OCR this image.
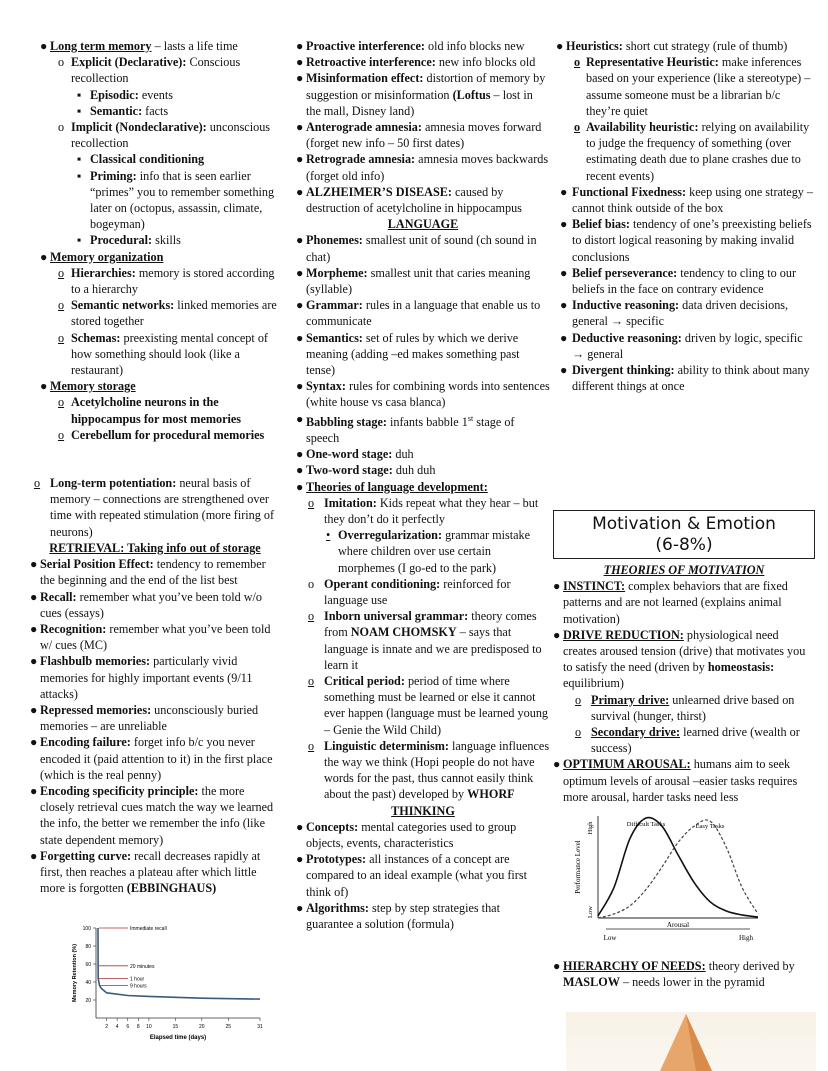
● Long term memory – lasts a life time
o Explicit (Declarative): Conscious recollection
▪ Episodic: events
▪ Semantic: facts
o Implicit (Nondeclarative): unconscious recollection
▪ Classical conditioning
▪ Priming: info that is seen earlier “primes” you to remember something later on (octopus, assassin, climate, bogeyman)
▪ Procedural: skills
● Memory organization
o Hierarchies: memory is stored according to a hierarchy
o Semantic networks: linked memories are stored together
o Schemas: preexisting mental concept of how something should look (like a restaurant)
● Memory storage
o Acetylcholine neurons in the hippocampus for most memories
o Cerebellum for procedural memories
o Long-term potentiation: neural basis of memory – connections are strengthened over time with repeated stimulation (more firing of neurons)
RETRIEVAL: Taking info out of storage
● Serial Position Effect: tendency to remember the beginning and the end of the list best
● Recall: remember what you’ve been told w/o cues (essays)
● Recognition: remember what you’ve been told w/ cues (MC)
● Flashbulb memories: particularly vivid memories for highly important events (9/11 attacks)
● Repressed memories: unconsciously buried memories – are unreliable
● Encoding failure: forget info b/c you never encoded it (paid attention to it) in the first place (which is the real penny)
● Encoding specificity principle: the more closely retrieval cues match the way we learned the info, the better we remember the info (like state dependent memory)
● Forgetting curve: recall decreases rapidly at first, then reaches a plateau after which little more is forgotten (EBBINGHAUS)
20
40
60
80
100
2 4 6 8 10	15	20	25	31
Elapsed time (days)
Memory Retention (%)
Immediate recall
20 minutes
1 hour
9 hours
● Proactive interference: old info blocks new
● Retroactive interference: new info blocks old
● Misinformation effect: distortion of memory by suggestion or misinformation (Loftus – lost in the mall, Disney land)
● Anterograde amnesia: amnesia moves forward (forget new info – 50 first dates)
● Retrograde amnesia: amnesia moves backwards (forget old info)
● ALZHEIMER’S DISEASE: caused by destruction of acetylcholine in hippocampus
LANGUAGE
● Phonemes: smallest unit of sound (ch sound in chat)
● Morpheme: smallest unit that caries meaning (syllable)
● Grammar: rules in a language that enable us to communicate
● Semantics: set of rules by which we derive meaning (adding –ed makes something past tense)
● Syntax: rules for combining words into sentences (white house vs casa blanca)
● Babbling stage: infants babble 1st stage of speech
● One-word stage: duh
● Two-word stage: duh duh
● Theories of language development:
o Imitation: Kids repeat what they hear – but they don’t do it perfectly
• Overregularization: grammar mistake where children over use certain morphemes (I go-ed to the park)
o Operant conditioning: reinforced for language use
o Inborn universal grammar: theory comes from NOAM CHOMSKY – says that language is innate and we are predisposed to learn it
o Critical period: period of time where something must be learned or else it cannot ever happen (language must be learned young – Genie the Wild Child)
o Linguistic determinism: language influences the way we think (Hopi people do not have words for the past, thus cannot easily think about the past) developed by WHORF
THINKING
● Concepts: mental categories used to group objects, events, characteristics
● Prototypes: all instances of a concept are compared to an ideal example (what you first think of)
● Algorithms: step by step strategies that guarantee a solution (formula)
● Heuristics: short cut strategy (rule of thumb)
o Representative Heuristic: make inferences based on your experience (like a stereotype) – assume someone must be a librarian b/c they’re quiet
o Availability heuristic: relying on availability to judge the frequency of something (over estimating death due to plane crashes due to recent events)
● Functional Fixedness: keep using one strategy – cannot think outside of the box
● Belief bias: tendency of one’s preexisting beliefs to distort logical reasoning by making invalid conclusions
● Belief perseverance: tendency to cling to our beliefs in the face on contrary evidence
● Inductive reasoning: data driven decisions, general → specific
● Deductive reasoning: driven by logic, specific → general
● Divergent thinking: ability to think about many different things at once
Motivation & Emotion
(6-8%)
THEORIES OF MOTIVATION
● INSTINCT: complex behaviors that are fixed patterns and are not learned (explains animal motivation)
● DRIVE REDUCTION: physiological need creates aroused tension (drive) that motivates you to satisfy the need (driven by homeostasis: equilibrium)
o Primary drive: unlearned drive based on survival (hunger, thirst)
o Secondary drive: learned drive (wealth or success)
● OPTIMUM AROUSAL: humans aim to seek optimum levels of arousal –easier tasks requires more arousal, harder tasks need less
Performance Level
High
Low
Arousal
Low	High
Difficult Tasks	Easy Tasks
● HIERARCHY OF NEEDS: theory derived by MASLOW – needs lower in the pyramid
